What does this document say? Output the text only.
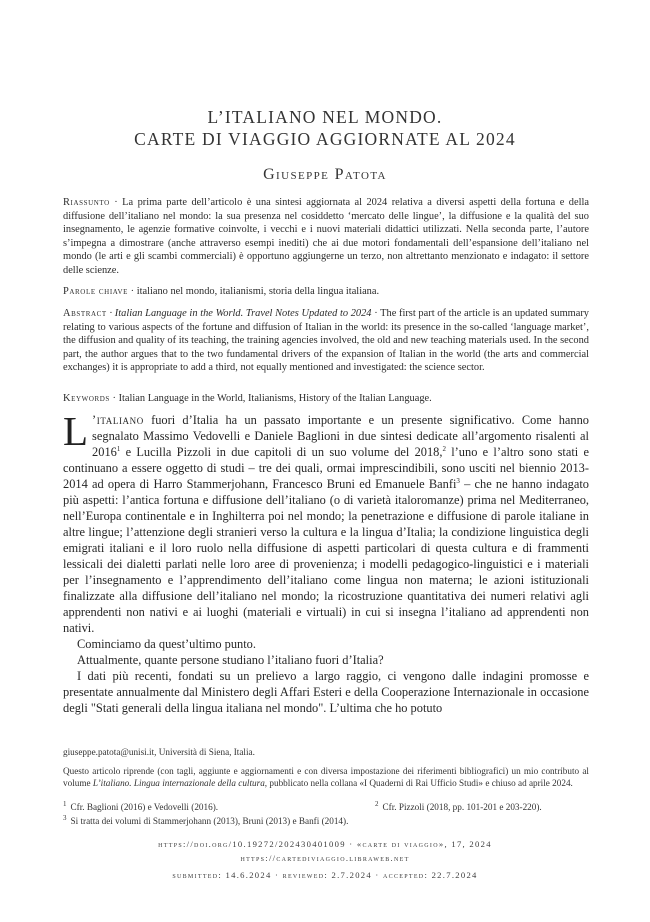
L’ITALIANO NEL MONDO.
CARTE DI VIAGGIO AGGIORNATE AL 2024
Giuseppe Patota
Riassunto · La prima parte dell’articolo è una sintesi aggiornata al 2024 relativa a diversi aspetti della fortuna e della diffusione dell’italiano nel mondo: la sua presenza nel cosiddetto ‘mercato delle lingue’, la diffusione e la qualità del suo insegnamento, le agenzie formative coinvolte, i vecchi e i nuovi materiali didattici utilizzati. Nella seconda parte, l’autore s’impegna a dimostrare (anche attraverso esempi inediti) che ai due motori fondamentali dell’espansione dell’italiano nel mondo (le arti e gli scambi commerciali) è opportuno aggiungerne un terzo, non altrettanto menzionato e indagato: il settore delle scienze.
Parole chiave · italiano nel mondo, italianismi, storia della lingua italiana.
Abstract · Italian Language in the World. Travel Notes Updated to 2024 · The first part of the article is an updated summary relating to various aspects of the fortune and diffusion of Italian in the world: its presence in the so-called ‘language market’, the diffusion and quality of its teaching, the training agencies involved, the old and new teaching materials used. In the second part, the author argues that to the two fundamental drivers of the expansion of Italian in the world (the arts and commercial exchanges) it is appropriate to add a third, not equally mentioned and investigated: the science sector.
Keywords · Italian Language in the World, Italianisms, History of the Italian Language.

L ’italiano fuori d’Italia ha un passato importante e un presente significativo. Come hanno segnalato Massimo Vedovelli e Daniele Baglioni in due sintesi dedicate all’argomento risalenti al 2016$^1$ e Lucilla Pizzoli in due capitoli di un suo volume del 2018,$^2$ l’uno e l’altro sono stati e continuano a essere oggetto di studi – tre dei quali, ormai imprescindibili, sono usciti nel biennio 2013-2014 ad opera di Harro Stammerjohann, Francesco Bruni ed Emanuele Banfi$^3$ – che ne hanno indagato più aspetti: l’antica fortuna e diffusione dell’italiano (o di varietà italoromanze) prima nel Mediterraneo, nell’Europa continentale e in Inghilterra poi nel mondo; la penetrazione e diffusione di parole italiane in altre lingue; l’attenzione degli stranieri verso la cultura e la lingua d’Italia; la condizione linguistica degli emigrati italiani e il loro ruolo nella diffusione di aspetti particolari di questa cultura e di frammenti lessicali dei dialetti parlati nelle loro aree di provenienza; i modelli pedagogico-linguistici e i materiali per l’insegnamento e l’apprendimento dell’italiano come lingua non materna; le azioni istituzionali finalizzate alla diffusione dell’italiano nel mondo; la ricostruzione quantitativa dei numeri relativi agli apprendenti non nativi e ai luoghi (materiali e virtuali) in cui si insegna l’italiano ad apprendenti non nativi.

Cominciamo da quest’ultimo punto.

Attualmente, quante persone studiano l’italiano fuori d’Italia?

I dati più recenti, fondati su un prelievo a largo raggio, ci vengono dalle indagini promosse e presentate annualmente dal Ministero degli Affari Esteri e della Cooperazione Internazionale in occasione degli "Stati generali della lingua italiana nel mondo". L’ultima che ho potuto

giuseppe.patota@unisi.it, Università di Siena, Italia.
Questo articolo riprende (con tagli, aggiunte e aggiornamenti e con diversa impostazione dei riferimenti bibliografici) un mio contributo al volume L’italiano. Lingua internazionale della cultura, pubblicato nella collana «I Quaderni di Rai Ufficio Studi» e chiuso ad aprile 2024.
$^1$ Cfr. Baglioni (2016) e Vedovelli (2016).	$^2$ Cfr. Pizzoli (2018, pp. 101-201 e 203-220).
$^3$ Si tratta dei volumi di Stammerjohann (2013), Bruni (2013) e Banfi (2014).
https://doi.org/10.19272/202430401009 · «carte di viaggio», 17, 2024
https://cartediviaggio.libraweb.net
submitted: 14.6.2024 · reviewed: 2.7.2024 · accepted: 22.7.2024
